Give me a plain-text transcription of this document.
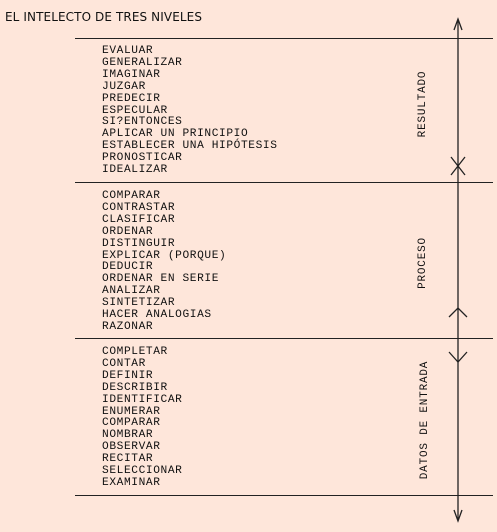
EL INTELECTO DE TRES NIVELES
EVALUAR
GENERALIZAR
IMAGINAR
JUZGAR
PREDECIR
ESPECULAR
SI?ENTONCES
APLICAR UN PRINCIPIO
ESTABLECER UNA HIPÓTESIS
PRONOSTICAR
IDEALIZAR
RESULTADO
COMPARAR
CONTRASTAR
CLASIFICAR
ORDENAR
DISTINGUIR
EXPLICAR (PORQUE)
DEDUCIR
ORDENAR EN SERIE
ANALIZAR
SINTETIZAR
HACER ANALOGIAS
RAZONAR
PROCESO
COMPLETAR
CONTAR
DEFINIR
DESCRIBIR
IDENTIFICAR
ENUMERAR
COMPARAR
NOMBRAR
OBSERVAR
RECITAR
SELECCIONAR
EXAMINAR
DATOS DE ENTRADA
